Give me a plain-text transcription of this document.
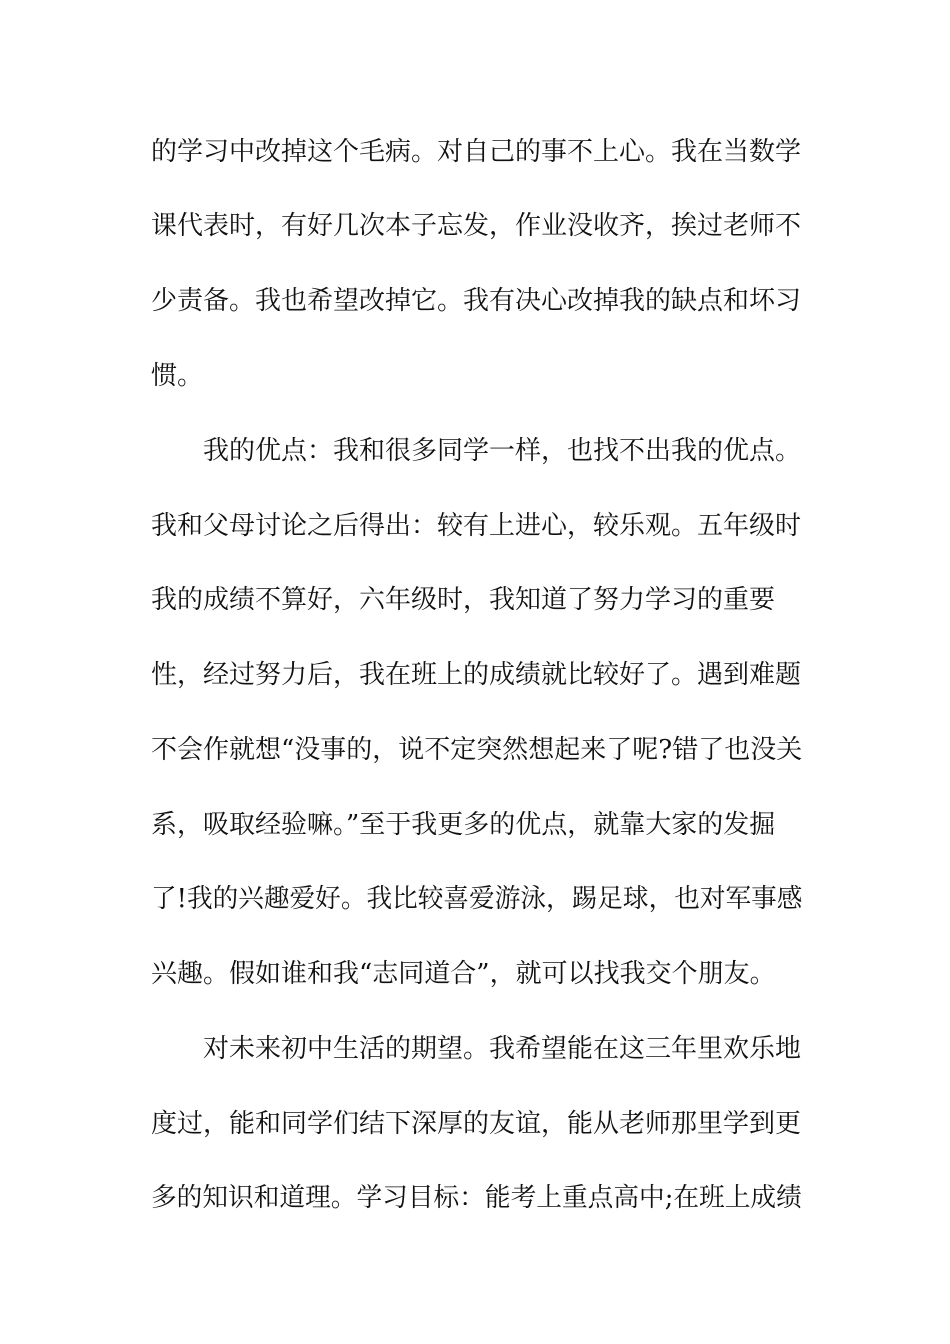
的学习中改掉这个毛病。对自己的事不上心。我在当数学
课代表时，有好几次本子忘发，作业没收齐，挨过老师不
少责备。我也希望改掉它。我有决心改掉我的缺点和坏习
惯。
我的优点：我和很多同学一样，也找不出我的优点。
我和父母讨论之后得出：较有上进心，较乐观。五年级时
我的成绩不算好，六年级时，我知道了努力学习的重要
性，经过努力后，我在班上的成绩就比较好了。遇到难题
不会作就想“没事的，说不定突然想起来了呢?错了也没关
系，吸取经验嘛。”至于我更多的优点，就靠大家的发掘
了!我的兴趣爱好。我比较喜爱游泳，踢足球，也对军事感
兴趣。假如谁和我“志同道合”，就可以找我交个朋友。
对未来初中生活的期望。我希望能在这三年里欢乐地
度过，能和同学们结下深厚的友谊，能从老师那里学到更
多的知识和道理。学习目标：能考上重点高中;在班上成绩
